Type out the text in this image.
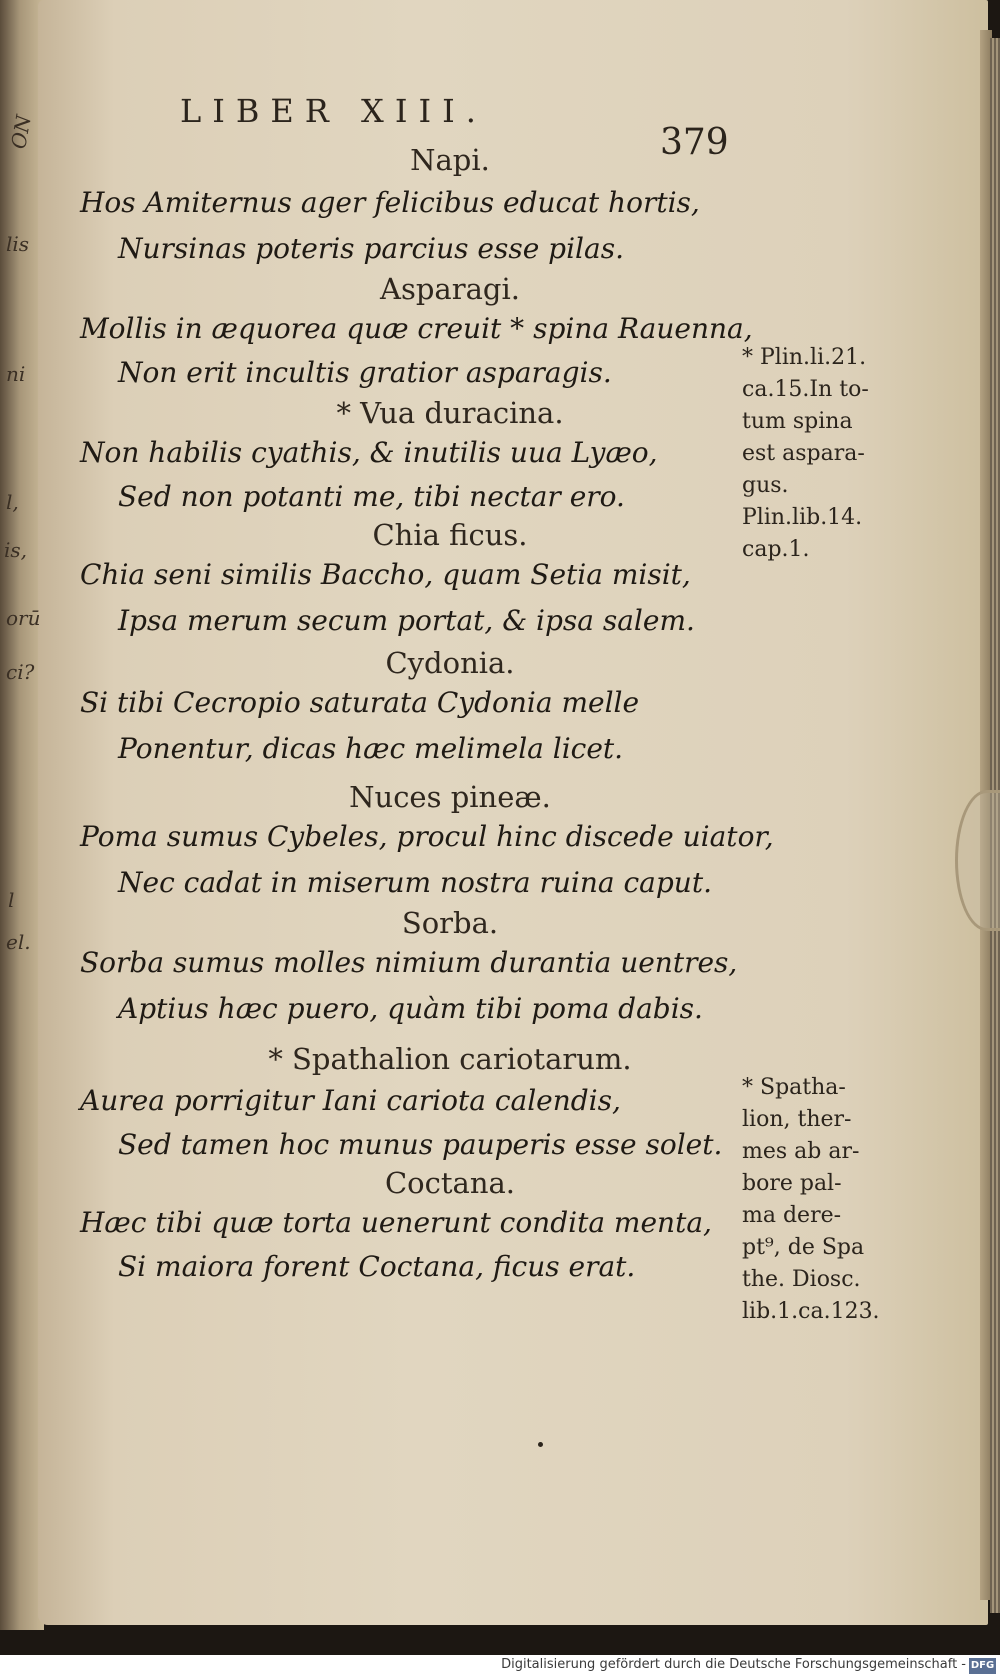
ON
lis
ni
l,
is,
orū
ci?
l
el.
LIBER XIII.
379
Napi.
Hos Amiternus ager felicibus educat hortis,
Nursinas poteris parcius esse pilas.
Asparagi.
Mollis in æquorea quæ creuit * spina Rauenna,
Non erit incultis gratior asparagis.
* Vua duracina.
Non habilis cyathis, & inutilis uua Lyæo,
Sed non potanti me, tibi nectar ero.
Chia ficus.
Chia seni similis Baccho, quam Setia misit,
Ipsa merum secum portat, & ipsa salem.
Cydonia.
Si tibi Cecropio saturata Cydonia melle
Ponentur, dicas hæc melimela licet.
Nuces pineæ.
Poma sumus Cybeles, procul hinc discede uiator,
Nec cadat in miserum nostra ruina caput.
Sorba.
Sorba sumus molles nimium durantia uentres,
Aptius hæc puero, quàm tibi poma dabis.
* Spathalion cariotarum.
Aurea porrigitur Iani cariota calendis,
Sed tamen hoc munus pauperis esse solet.
Coctana.
Hæc tibi quæ torta uenerunt condita menta,
Si maiora forent Coctana, ficus erat.
* Plin.li.21.
ca.15.In to-
tum spina
est aspara-
gus.
Plin.lib.14.
cap.1.
* Spatha-
lion, ther-
mes ab ar-
bore pal-
ma dere-
pt⁹, de Spa
the. Diosc.
lib.1.ca.123.
Digitalisierung gefördert durch die Deutsche Forschungsgemeinschaft - DFG
